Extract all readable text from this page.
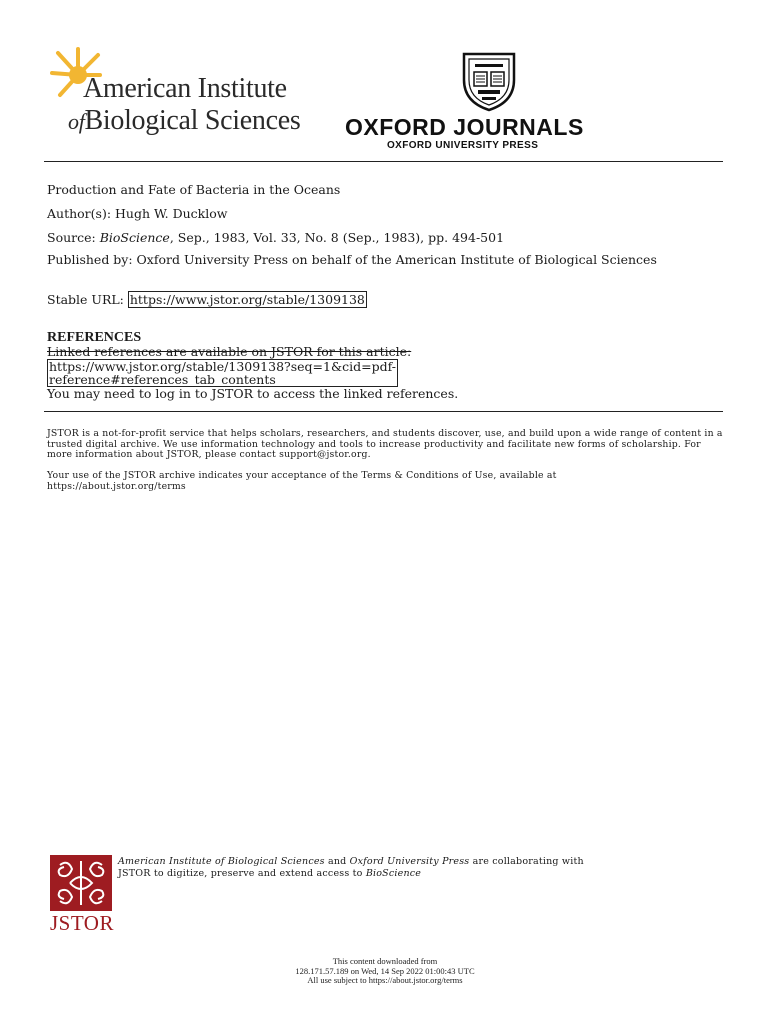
American Institute
ofBiological Sciences OXFORD JOURNALS
OXFORD UNIVERSITY PRESS
Production and Fate of Bacteria in the Oceans
Author(s): Hugh W. Ducklow
Source: BioScience, Sep., 1983, Vol. 33, No. 8 (Sep., 1983), pp. 494-501
Published by: Oxford University Press on behalf of the American Institute of Biological Sciences
Stable URL: https://www.jstor.org/stable/1309138
REFERENCES
Linked references are available on JSTOR for this article:
https://www.jstor.org/stable/1309138?seq=1&cid=pdf-
reference#references_tab_contents
You may need to log in to JSTOR to access the linked references.
JSTOR is a not-for-profit service that helps scholars, researchers, and students discover, use, and build upon a wide range of content in a trusted digital archive. We use information technology and tools to increase productivity and facilitate new forms of scholarship. For more information about JSTOR, please contact support@jstor.org.
Your use of the JSTOR archive indicates your acceptance of the Terms & Conditions of Use, available at https://about.jstor.org/terms
JSTOR
American Institute of Biological Sciences and Oxford University Press are collaborating with
JSTOR to digitize, preserve and extend access to BioScience
This content downloaded from
128.171.57.189 on Wed, 14 Sep 2022 01:00:43 UTC
All use subject to https://about.jstor.org/terms
